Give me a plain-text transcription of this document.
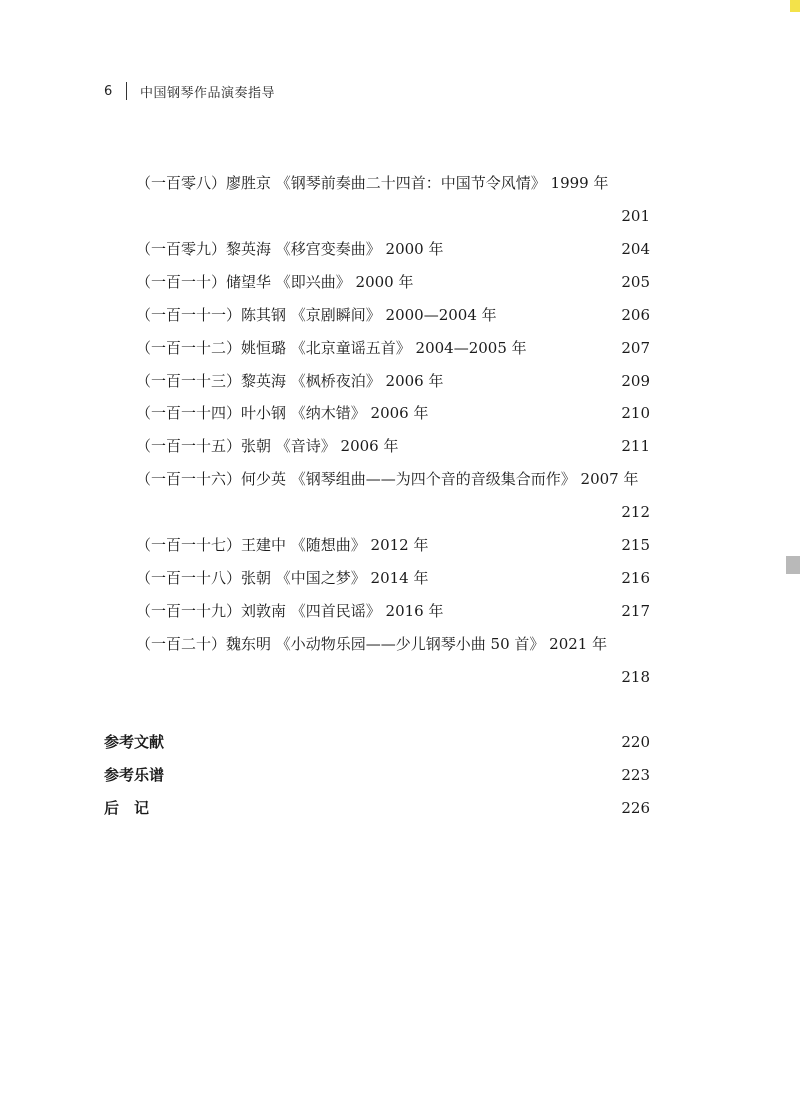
6	中国钢琴作品演奏指导
（一百零八）廖胜京 《钢琴前奏曲二十四首：中国节令风情》 1999 年
201
（一百零九）黎英海 《移宫变奏曲》 2000 年	204
（一百一十）储望华 《即兴曲》 2000 年	205
（一百一十一）陈其钢 《京剧瞬间》 2000—2004 年	206
（一百一十二）姚恒璐 《北京童谣五首》 2004—2005 年	207
（一百一十三）黎英海 《枫桥夜泊》 2006 年	209
（一百一十四）叶小钢 《纳木错》 2006 年	210
（一百一十五）张朝 《音诗》 2006 年	211
（一百一十六）何少英 《钢琴组曲——为四个音的音级集合而作》 2007 年
212
（一百一十七）王建中 《随想曲》 2012 年	215
（一百一十八）张朝 《中国之梦》 2014 年	216
（一百一十九）刘敦南 《四首民谣》 2016 年	217
（一百二十）魏东明 《小动物乐园——少儿钢琴小曲 50 首》 2021 年
218
参考文献	220
参考乐谱	223
后　记	226
